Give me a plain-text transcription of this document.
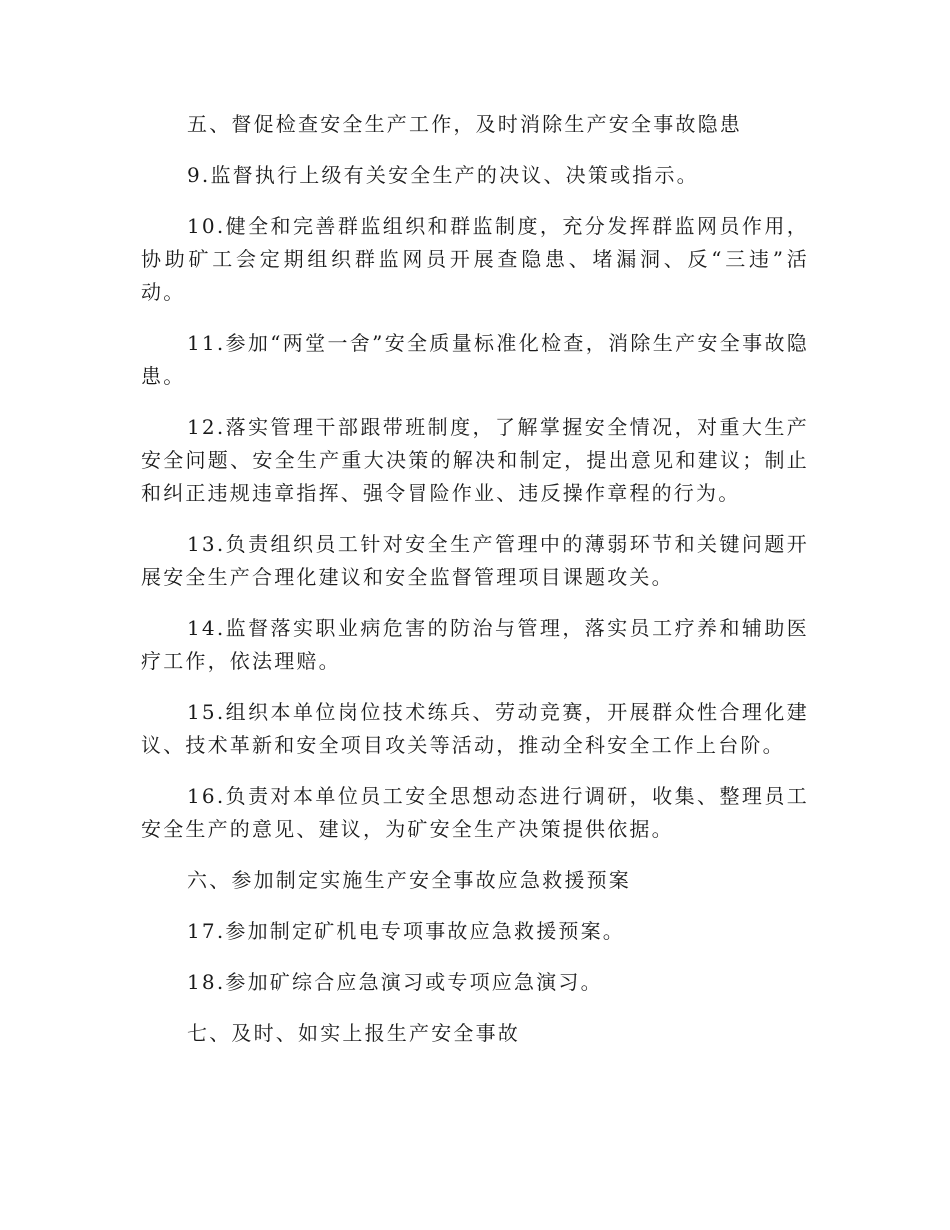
五、督促检查安全生产工作，及时消除生产安全事故隐患

9.监督执行上级有关安全生产的决议、决策或指示。

10.健全和完善群监组织和群监制度，充分发挥群监网员作用，协助矿工会定期组织群监网员开展查隐患、堵漏洞、反“三违”活动。

11.参加“两堂一舍”安全质量标准化检查，消除生产安全事故隐患。

12.落实管理干部跟带班制度，了解掌握安全情况，对重大生产安全问题、安全生产重大决策的解决和制定，提出意见和建议；制止和纠正违规违章指挥、强令冒险作业、违反操作章程的行为。

13.负责组织员工针对安全生产管理中的薄弱环节和关键问题开展安全生产合理化建议和安全监督管理项目课题攻关。

14.监督落实职业病危害的防治与管理，落实员工疗养和辅助医疗工作，依法理赔。

15.组织本单位岗位技术练兵、劳动竞赛，开展群众性合理化建议、技术革新和安全项目攻关等活动，推动全科安全工作上台阶。

16.负责对本单位员工安全思想动态进行调研，收集、整理员工安全生产的意见、建议，为矿安全生产决策提供依据。

六、参加制定实施生产安全事故应急救援预案

17.参加制定矿机电专项事故应急救援预案。

18.参加矿综合应急演习或专项应急演习。

七、及时、如实上报生产安全事故
